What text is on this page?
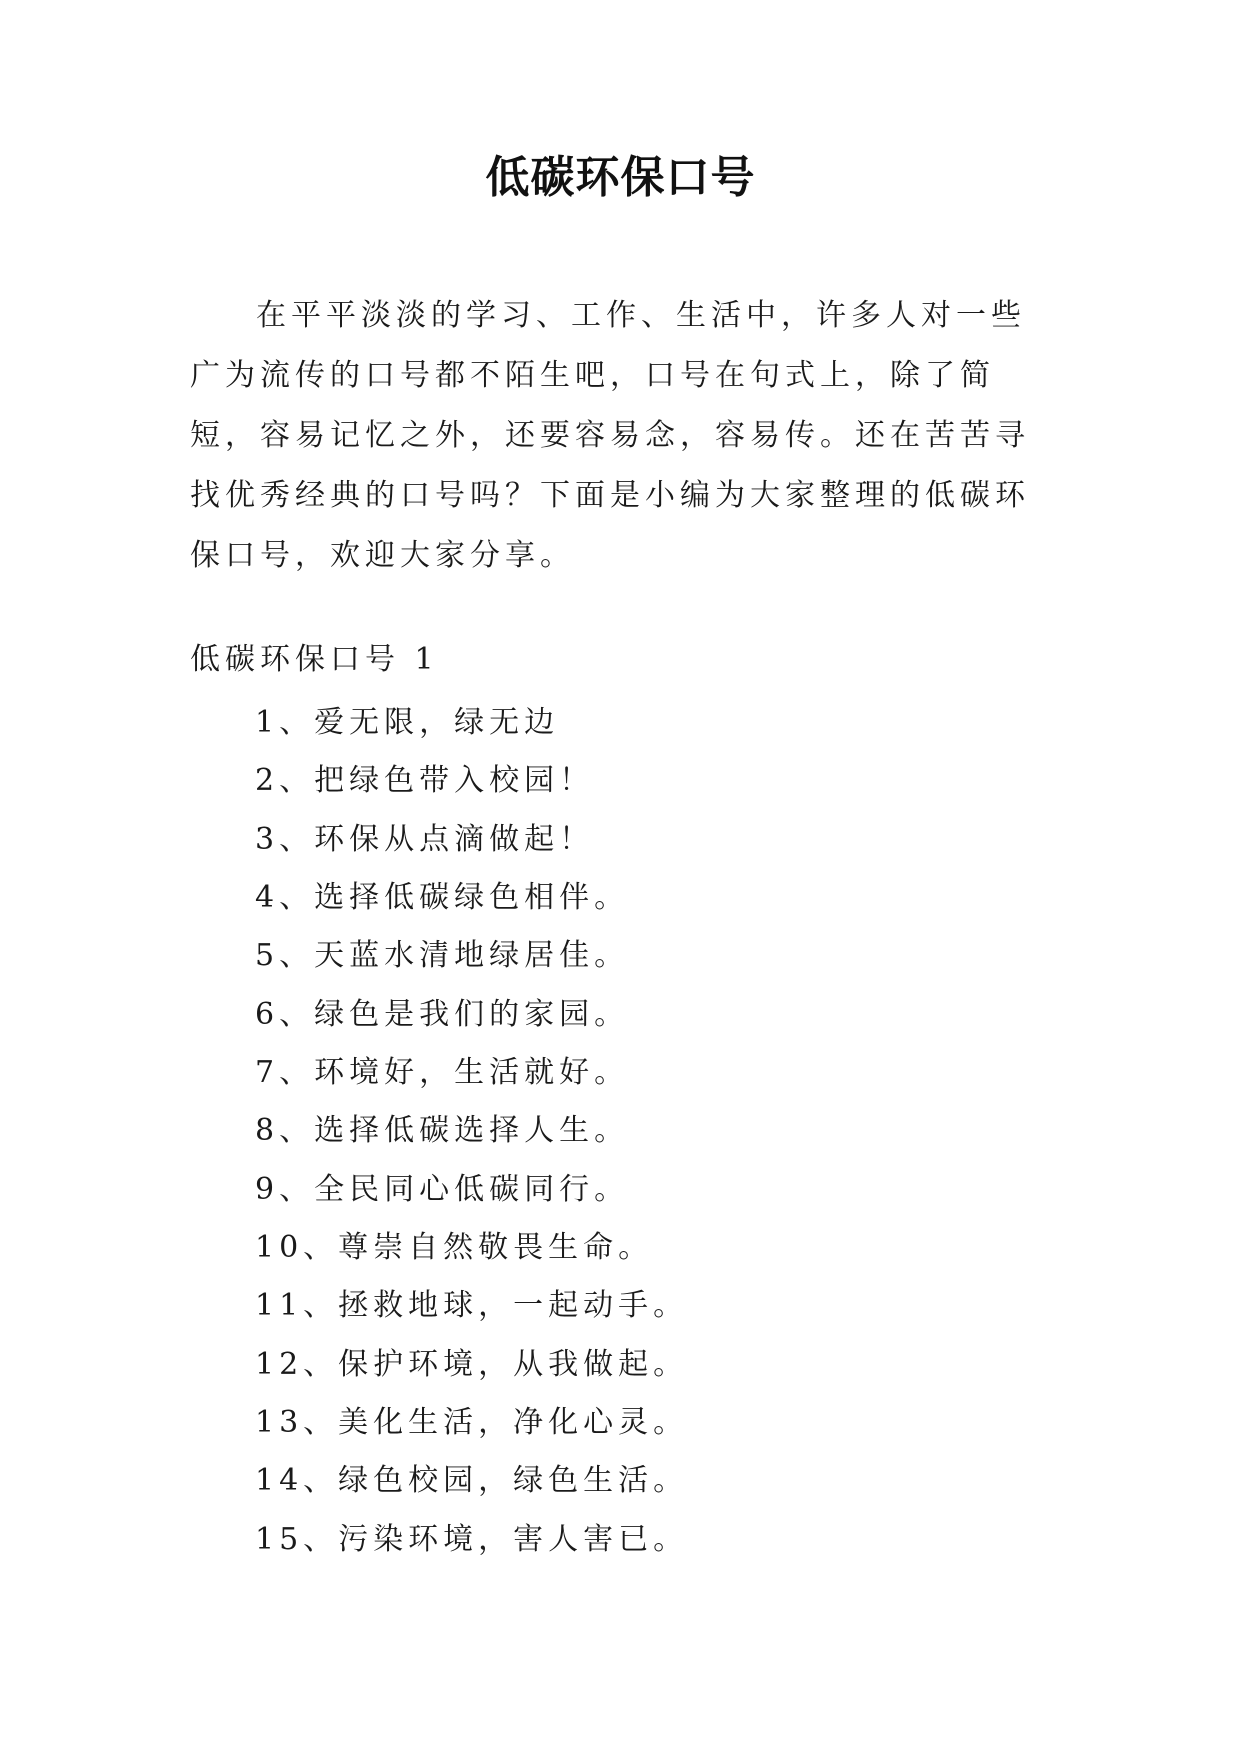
低碳环保口号

在平平淡淡的学习、工作、生活中，许多人对一些广为流传的口号都不陌生吧，口号在句式上，除了简短，容易记忆之外，还要容易念，容易传。还在苦苦寻找优秀经典的口号吗？下面是小编为大家整理的低碳环保口号，欢迎大家分享。

低碳环保口号 1
1、爱无限，绿无边
2、把绿色带入校园！
3、环保从点滴做起！
4、选择低碳绿色相伴。
5、天蓝水清地绿居佳。
6、绿色是我们的家园。
7、环境好，生活就好。
8、选择低碳选择人生。
9、全民同心低碳同行。
10、尊崇自然敬畏生命。
11、拯救地球，一起动手。
12、保护环境，从我做起。
13、美化生活，净化心灵。
14、绿色校园，绿色生活。
15、污染环境，害人害已。
